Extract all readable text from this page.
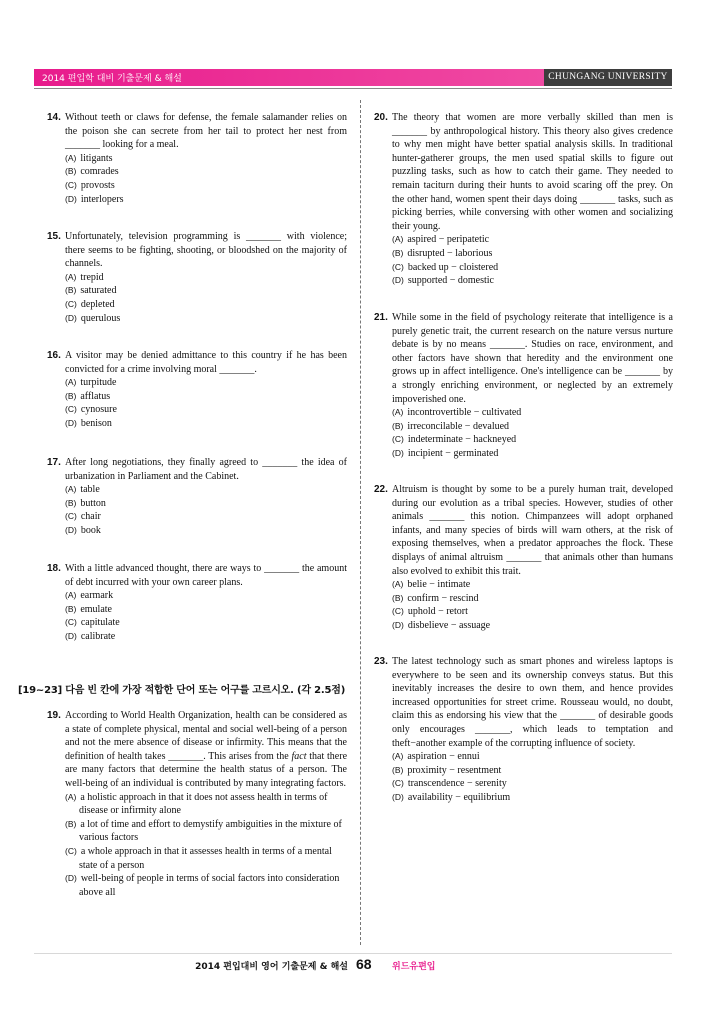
2014 편입학 대비 기출문제 & 해설	CHUNGANG UNIVERSITY
14. Without teeth or claws for defense, the female salamander relies on the poison she can secrete from her tail to protect her nest from _______ looking for a meal.
(A) litigants
(B) comrades
(C) provosts
(D) interlopers
15. Unfortunately, television programming is _______ with violence; there seems to be fighting, shooting, or bloodshed on the majority of channels.
(A) trepid
(B) saturated
(C) depleted
(D) querulous
16. A visitor may be denied admittance to this country if he has been convicted for a crime involving moral _______.
(A) turpitude
(B) afflatus
(C) cynosure
(D) benison
17. After long negotiations, they finally agreed to _______ the idea of urbanization in Parliament and the Cabinet.
(A) table
(B) button
(C) chair
(D) book
18. With a little advanced thought, there are ways to _______ the amount of debt incurred with your own career plans.
(A) earmark
(B) emulate
(C) capitulate
(D) calibrate
[19~23] 다음 빈 칸에 가장 적합한 단어 또는 어구를 고르시오. (각 2.5점)
19. According to World Health Organization, health can be considered as a state of complete physical, mental and social well-being of a person and not the mere absence of disease or infirmity. This means that the definition of health takes _______. This arises from the fact that there are many factors that determine the health status of a person. The well-being of an individual is contributed by many integrating factors.
(A) a holistic approach in that it does not assess health in terms of disease or infirmity alone
(B) a lot of time and effort to demystify ambiguities in the mixture of various factors
(C) a whole approach in that it assesses health in terms of a mental state of a person
(D) well-being of people in terms of social factors into consideration above all
20. The theory that women are more verbally skilled than men is _______ by anthropological history. This theory also gives credence to why men might have better spatial analysis skills. In traditional hunter-gatherer groups, the men used spatial skills to figure out puzzling tasks, such as how to catch their game. They needed to remain taciturn during their hunts to avoid scaring off the prey. On the other hand, women spent their days doing _______ tasks, such as picking berries, while conversing with other women and socializing their young.
(A) aspired − peripatetic
(B) disrupted − laborious
(C) backed up − cloistered
(D) supported − domestic
21. While some in the field of psychology reiterate that intelligence is a purely genetic trait, the current research on the nature versus nurture debate is by no means _______. Studies on race, environment, and other factors have shown that heredity and the environment one grows up in affect intelligence. One's intelligence can be _______ by a strongly enriching environment, or neglected by an extremely impoverished one.
(A) incontrovertible − cultivated
(B) irreconcilable − devalued
(C) indeterminate − hackneyed
(D) incipient − germinated
22. Altruism is thought by some to be a purely human trait, developed during our evolution as a tribal species. However, studies of other animals _______ this notion. Chimpanzees will adopt orphaned infants, and many species of birds will warn others, at the risk of exposing themselves, when a predator approaches the flock. These displays of animal altruism _______ that animals other than humans also evolved to exhibit this trait.
(A) belie − intimate
(B) confirm − rescind
(C) uphold − retort
(D) disbelieve − assuage
23. The latest technology such as smart phones and wireless laptops is everywhere to be seen and its ownership conveys status. But this inevitably increases the desire to own them, and hence provides increased opportunities for street crime. Rousseau would, no doubt, claim this as endorsing his view that the _______ of desirable goods only encourages _______, which leads to temptation and theft−another example of the corrupting influence of society.
(A) aspiration − ennui
(B) proximity − resentment
(C) transcendence − serenity
(D) availability − equilibrium
2014 편입대비 영어 기출문제 & 해설 68 위드유편입
